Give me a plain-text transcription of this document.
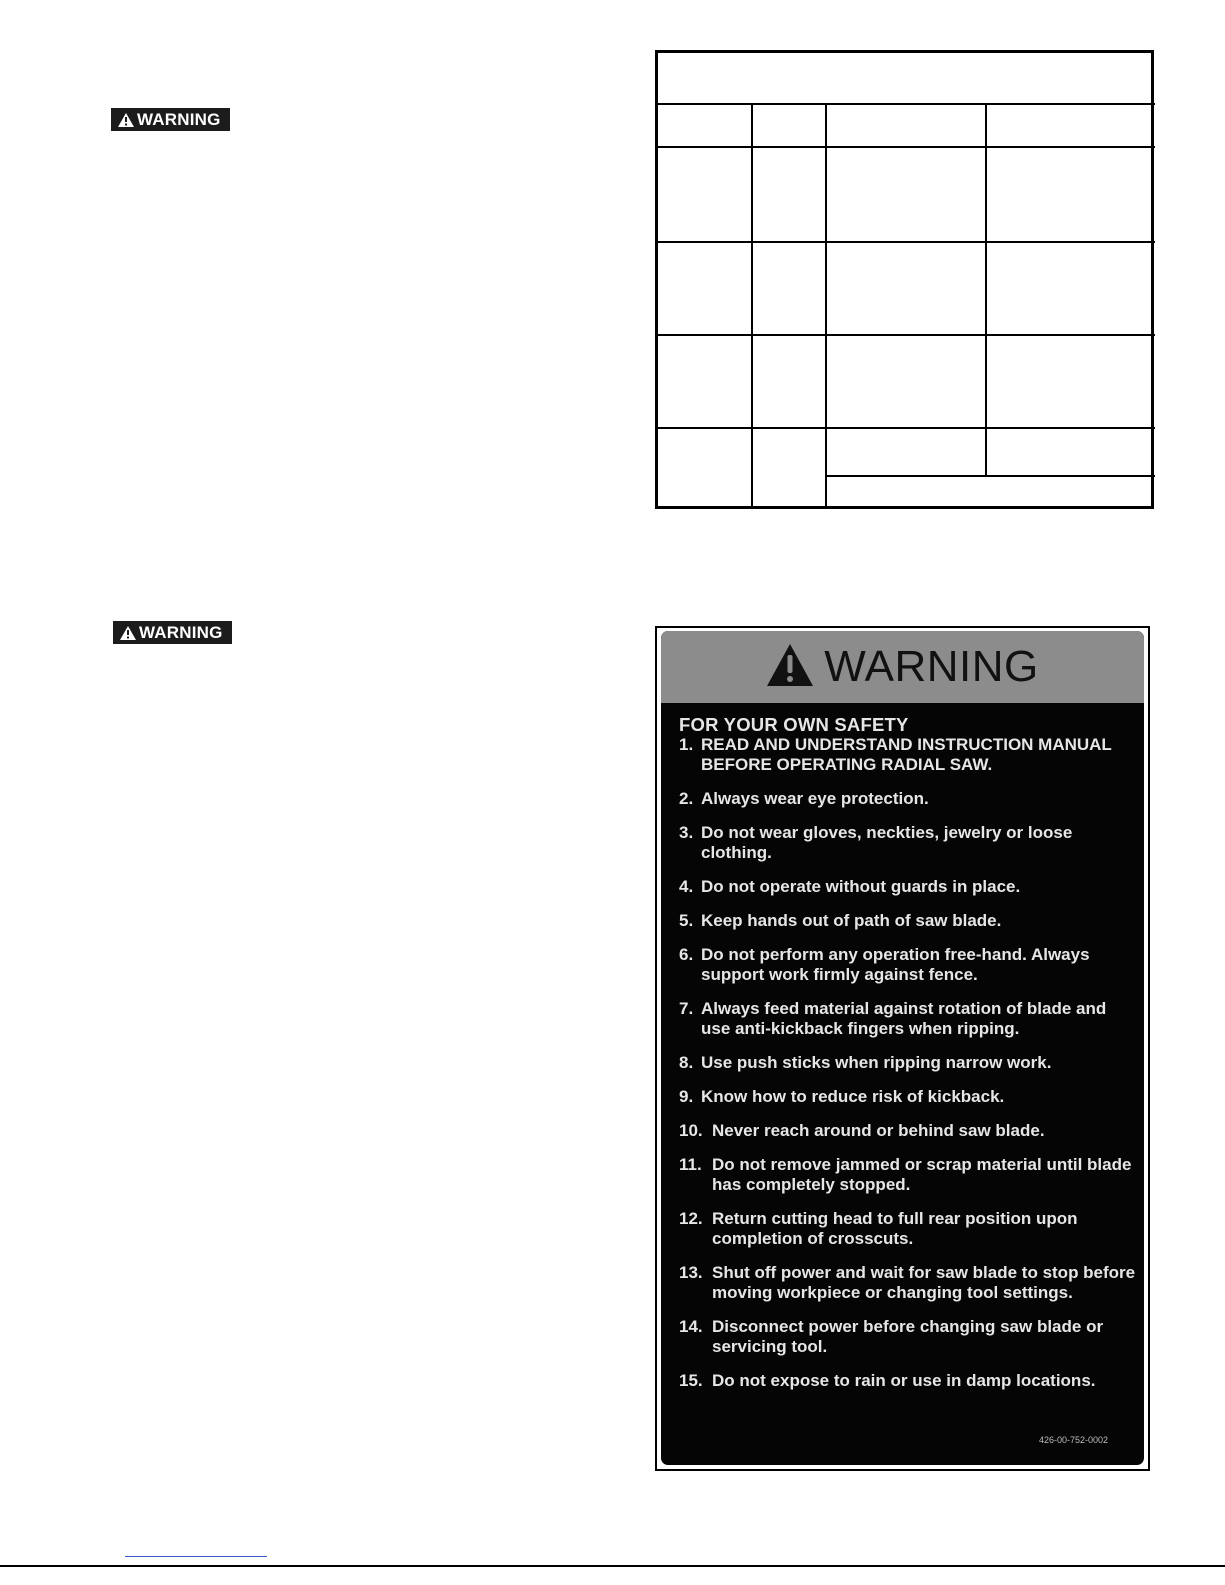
WARNING
WARNING
WARNING
FOR YOUR OWN SAFETY
1. READ AND UNDERSTAND INSTRUCTION MANUAL BEFORE OPERATING RADIAL SAW.
2. Always wear eye protection.
3. Do not wear gloves, neckties, jewelry or loose clothing.
4. Do not operate without guards in place.
5. Keep hands out of path of saw blade.
6. Do not perform any operation free-hand. Always support work firmly against fence.
7. Always feed material against rotation of blade and use anti-kickback fingers when ripping.
8. Use push sticks when ripping narrow work.
9. Know how to reduce risk of kickback.
10. Never reach around or behind saw blade.
11. Do not remove jammed or scrap material until blade has completely stopped.
12. Return cutting head to full rear position upon completion of crosscuts.
13. Shut off power and wait for saw blade to stop before moving workpiece or changing tool settings.
14. Disconnect power before changing saw blade or servicing tool.
15. Do not expose to rain or use in damp locations.
426-00-752-0002
